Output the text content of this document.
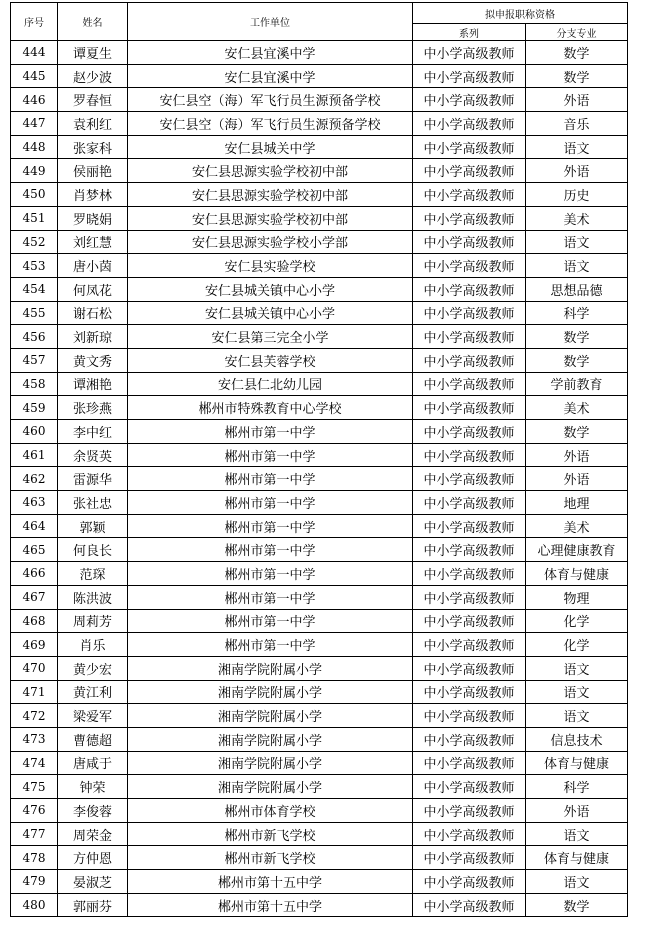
序号	姓名	工作单位	拟申报职称资格	
			系列	分支专业
444	谭夏生	安仁县宜溪中学	中小学高级教师	数学
445	赵少波	安仁县宜溪中学	中小学高级教师	数学
446	罗春恒	安仁县空（海）军飞行员生源预备学校	中小学高级教师	外语
447	袁利红	安仁县空（海）军飞行员生源预备学校	中小学高级教师	音乐
448	张家科	安仁县城关中学	中小学高级教师	语文
449	侯丽艳	安仁县思源实验学校初中部	中小学高级教师	外语
450	肖梦林	安仁县思源实验学校初中部	中小学高级教师	历史
451	罗晓娟	安仁县思源实验学校初中部	中小学高级教师	美术
452	刘红慧	安仁县思源实验学校小学部	中小学高级教师	语文
453	唐小茵	安仁县实验学校	中小学高级教师	语文
454	何凤花	安仁县城关镇中心小学	中小学高级教师	思想品德
455	谢石松	安仁县城关镇中心小学	中小学高级教师	科学
456	刘新琼	安仁县第三完全小学	中小学高级教师	数学
457	黄文秀	安仁县芙蓉学校	中小学高级教师	数学
458	谭湘艳	安仁县仁北幼儿园	中小学高级教师	学前教育
459	张珍燕	郴州市特殊教育中心学校	中小学高级教师	美术
460	李中红	郴州市第一中学	中小学高级教师	数学
461	余贤英	郴州市第一中学	中小学高级教师	外语
462	雷源华	郴州市第一中学	中小学高级教师	外语
463	张社忠	郴州市第一中学	中小学高级教师	地理
464	郭颖	郴州市第一中学	中小学高级教师	美术
465	何良长	郴州市第一中学	中小学高级教师	心理健康教育
466	范琛	郴州市第一中学	中小学高级教师	体育与健康
467	陈洪波	郴州市第一中学	中小学高级教师	物理
468	周莉芳	郴州市第一中学	中小学高级教师	化学
469	肖乐	郴州市第一中学	中小学高级教师	化学
470	黄少宏	湘南学院附属小学	中小学高级教师	语文
471	黄江利	湘南学院附属小学	中小学高级教师	语文
472	梁爱军	湘南学院附属小学	中小学高级教师	语文
473	曹德超	湘南学院附属小学	中小学高级教师	信息技术
474	唐咸于	湘南学院附属小学	中小学高级教师	体育与健康
475	钟荣	湘南学院附属小学	中小学高级教师	科学
476	李俊蓉	郴州市体育学校	中小学高级教师	外语
477	周荣金	郴州市新飞学校	中小学高级教师	语文
478	方仲恩	郴州市新飞学校	中小学高级教师	体育与健康
479	晏淑芝	郴州市第十五中学	中小学高级教师	语文
480	郭丽芬	郴州市第十五中学	中小学高级教师	数学
